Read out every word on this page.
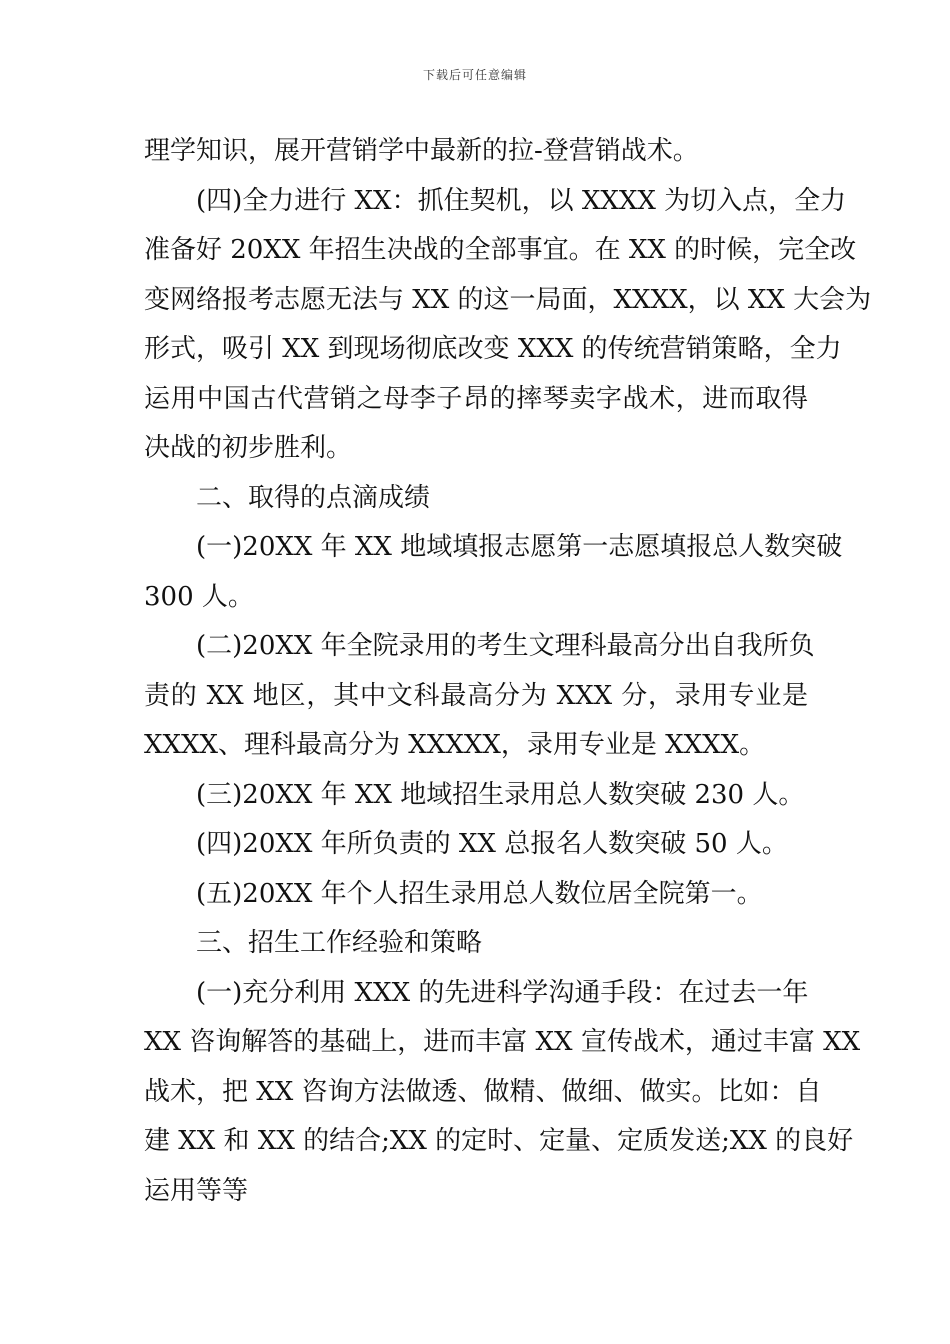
下载后可任意编辑
理学知识，展开营销学中最新的拉-登营销战术。
(四)全力进行 XX：抓住契机，以 XXXX 为切入点，全力
准备好 20XX 年招生决战的全部事宜。在 XX 的时候，完全改
变网络报考志愿无法与 XX 的这一局面，XXXX，以 XX 大会为
形式，吸引 XX 到现场彻底改变 XXX 的传统营销策略，全力
运用中国古代营销之母李子昂的摔琴卖字战术，进而取得
决战的初步胜利。
二、取得的点滴成绩
(一)20XX 年 XX 地域填报志愿第一志愿填报总人数突破
300 人。
(二)20XX 年全院录用的考生文理科最高分出自我所负
责的 XX 地区，其中文科最高分为 XXX 分，录用专业是
XXXX、理科最高分为 XXXXX，录用专业是 XXXX。
(三)20XX 年 XX 地域招生录用总人数突破 230 人。
(四)20XX 年所负责的 XX 总报名人数突破 50 人。
(五)20XX 年个人招生录用总人数位居全院第一。
三、招生工作经验和策略
(一)充分利用 XXX 的先进科学沟通手段：在过去一年
XX 咨询解答的基础上，进而丰富 XX 宣传战术，通过丰富 XX
战术，把 XX 咨询方法做透、做精、做细、做实。比如：自
建 XX 和 XX 的结合;XX 的定时、定量、定质发送;XX 的良好
运用等等
